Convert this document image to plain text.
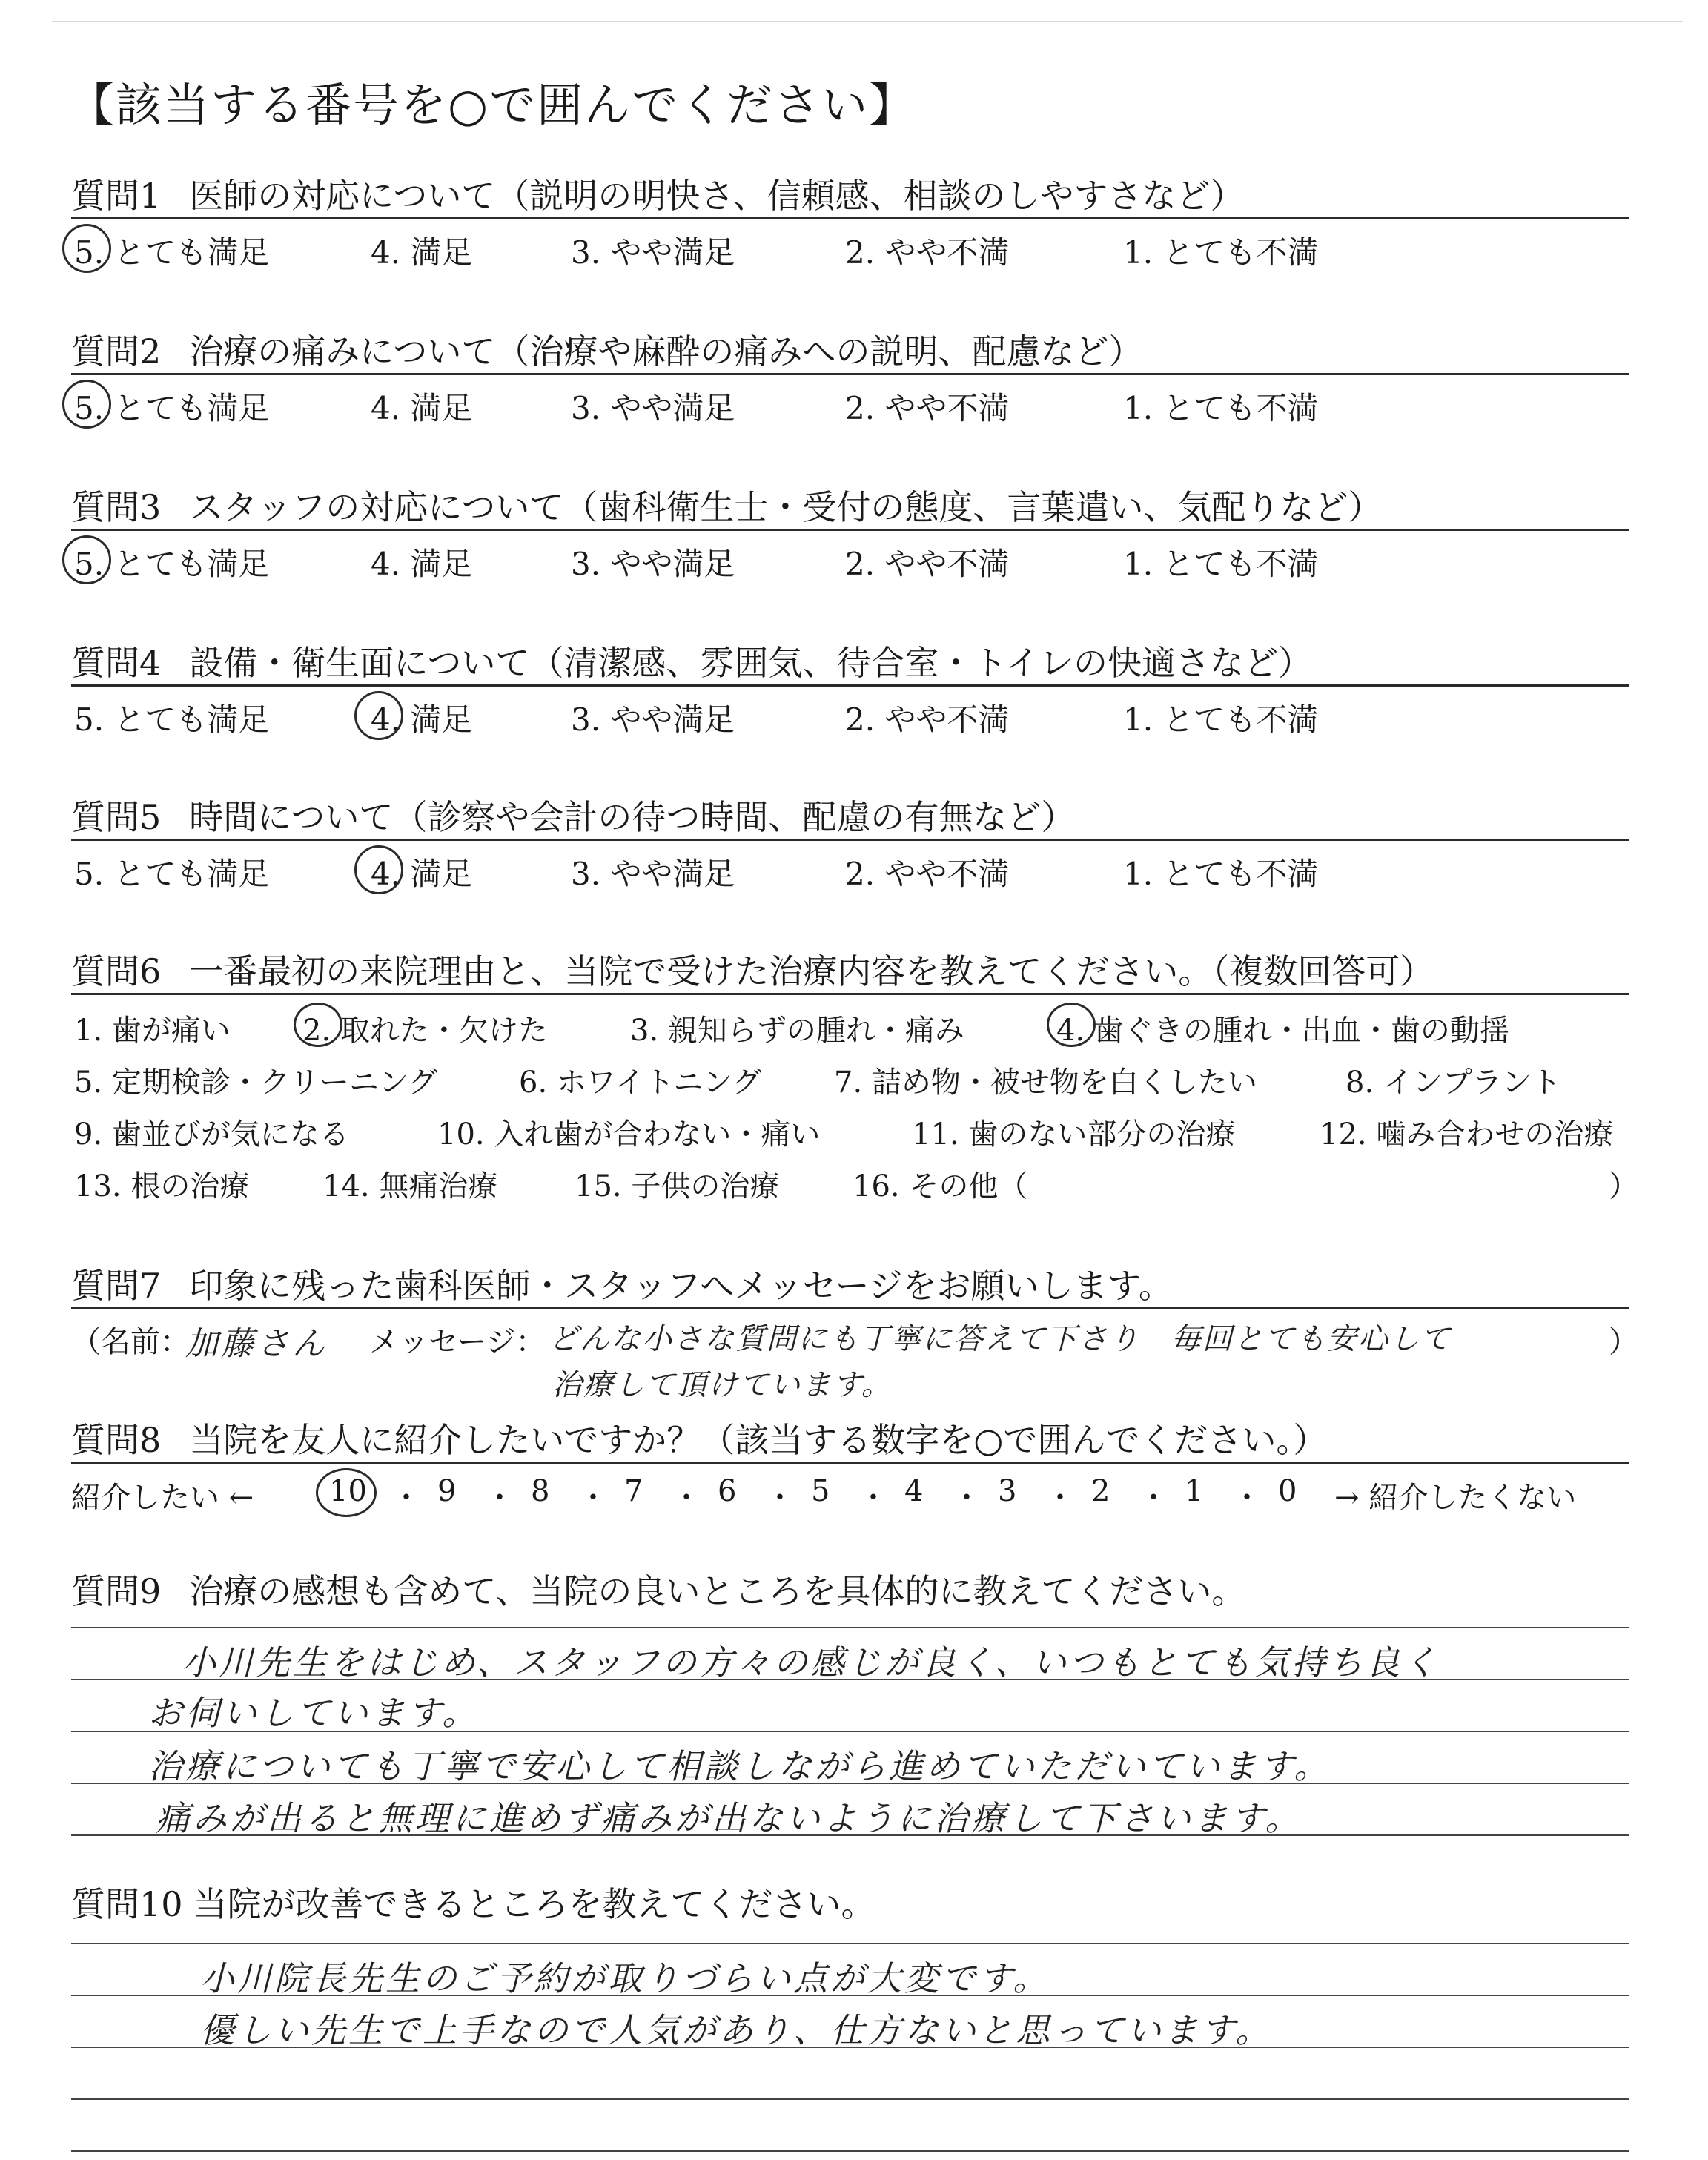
【該当する番号を○で囲んでください】
質問1 医師の対応について（説明の明快さ、信頼感、相談のしやすさなど）
5. とても満足	4. 満足	3. やや満足	2. やや不満	1. とても不満
質問2 治療の痛みについて（治療や麻酔の痛みへの説明、配慮など）
5. とても満足	4. 満足	3. やや満足	2. やや不満	1. とても不満
質問3 スタッフの対応について（歯科衛生士・受付の態度、言葉遣い、気配りなど）
5. とても満足	4. 満足	3. やや満足	2. やや不満	1. とても不満
質問4 設備・衛生面について（清潔感、雰囲気、待合室・トイレの快適さなど）
5. とても満足	4. 満足	3. やや満足	2. やや不満	1. とても不満
質問5 時間について（診察や会計の待つ時間、配慮の有無など）
5. とても満足	4. 満足	3. やや満足	2. やや不満	1. とても不満
質問6 一番最初の来院理由と、当院で受けた治療内容を教えてください。（複数回答可）
1. 歯が痛い 2. 取れた・欠けた	3. 親知らずの腫れ・痛み	4. 歯ぐきの腫れ・出血・歯の動揺
5. 定期検診・クリーニング	6. ホワイトニング 7. 詰め物・被せ物を白くしたい	8. インプラント
9. 歯並びが気になる	10. 入れ歯が合わない・痛い	11. 歯のない部分の治療	12. 噛み合わせの治療
13. 根の治療 14. 無痛治療	15. 子供の治療 16. その他（	）
質問7 印象に残った歯科医師・スタッフへメッセージをお願いします。
（名前：
加藤さん メッセージ： どんな小さな質問にも丁寧に答えて下さり　毎回とても安心して	）
治療して頂けています。
質問8 当院を友人に紹介したいですか？（該当する数字を○で囲んでください。）
紹介したい ←	10 ・ 9 ・ 8 ・ 7 ・ 6 ・ 5 ・ 4 ・ 3 ・ 2 ・ 1 ・ 0 → 紹介したくない
質問9 治療の感想も含めて、当院の良いところを具体的に教えてください。
小川先生をはじめ、スタッフの方々の感じが良く、いつもとても気持ち良く
お伺いしています。
治療についても丁寧で安心して相談しながら進めていただいています。
痛みが出ると無理に進めず痛みが出ないように治療して下さいます。
質問10 当院が改善できるところを教えてください。
小川院長先生のご予約が取りづらい点が大変です。
優しい先生で上手なので人気があり、仕方ないと思っています。
